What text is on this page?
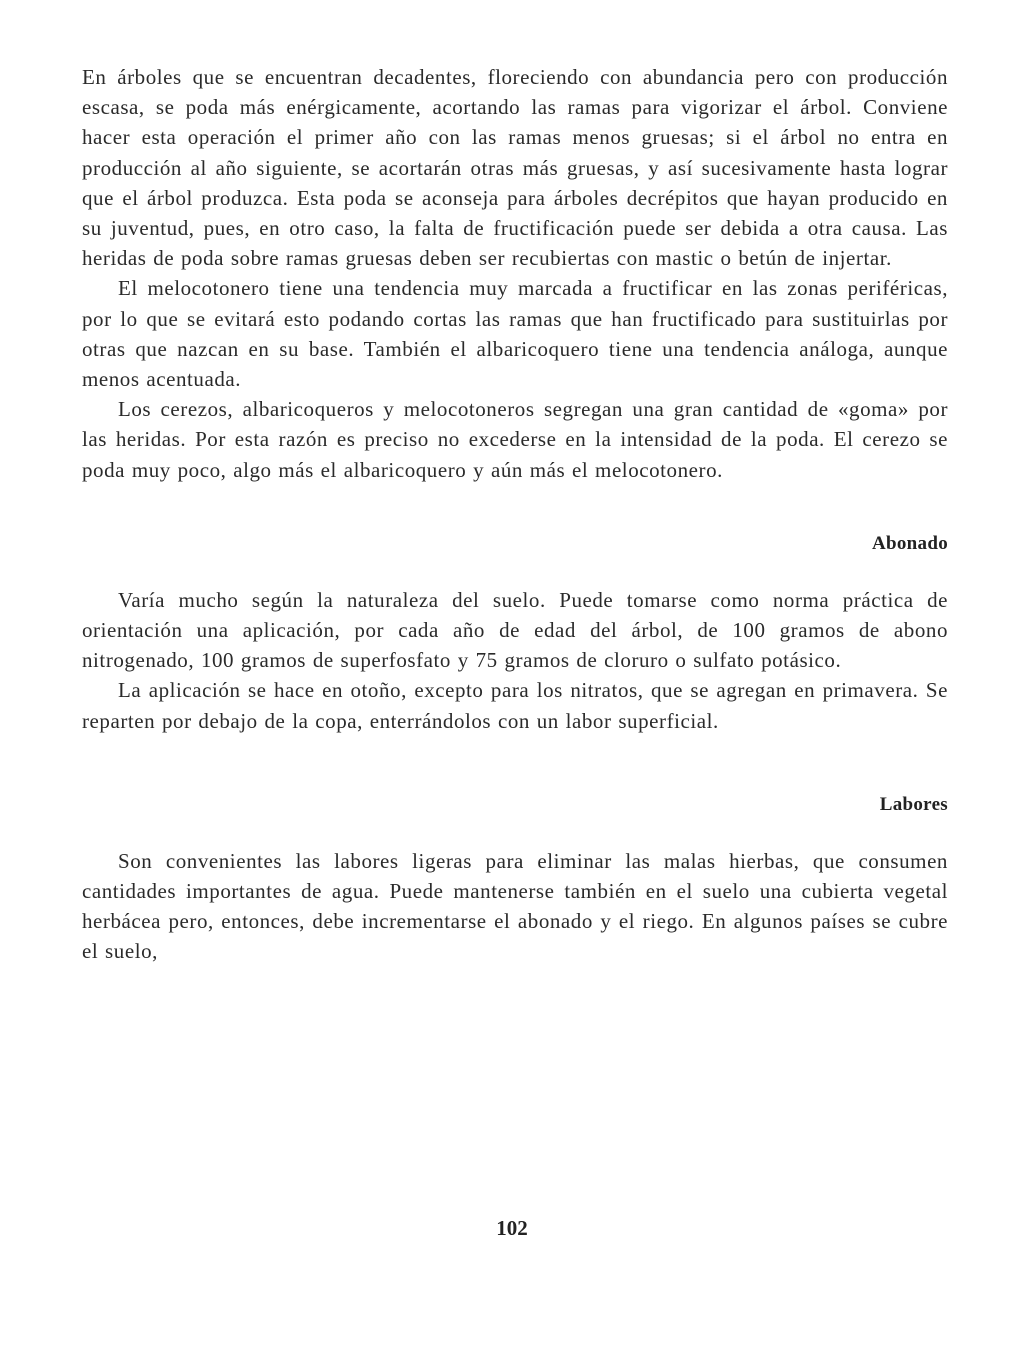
En árboles que se encuentran decadentes, floreciendo con abundancia pero con producción escasa, se poda más enérgicamente, acortando las ramas para vigorizar el árbol. Conviene hacer esta operación el primer año con las ramas menos gruesas; si el árbol no entra en producción al año siguiente, se acortarán otras más gruesas, y así sucesivamente hasta lograr que el árbol produzca. Esta poda se aconseja para árboles decrépitos que hayan producido en su juventud, pues, en otro caso, la falta de fructificación puede ser debida a otra causa. Las heridas de poda sobre ramas gruesas deben ser recubiertas con mastic o betún de injertar.

El melocotonero tiene una tendencia muy marcada a fructificar en las zonas periféricas, por lo que se evitará esto podando cortas las ramas que han fructificado para sustituirlas por otras que nazcan en su base. También el albaricoquero tiene una tendencia análoga, aunque menos acentuada.

Los cerezos, albaricoqueros y melocotoneros segregan una gran cantidad de «goma» por las heridas. Por esta razón es preciso no excederse en la intensidad de la poda. El cerezo se poda muy poco, algo más el albaricoquero y aún más el melocotonero.

Abonado

Varía mucho según la naturaleza del suelo. Puede tomarse como norma práctica de orientación una aplicación, por cada año de edad del árbol, de 100 gramos de abono nitrogenado, 100 gramos de superfosfato y 75 gramos de cloruro o sulfato potásico.

La aplicación se hace en otoño, excepto para los nitratos, que se agregan en primavera. Se reparten por debajo de la copa, enterrándolos con un labor superficial.

Labores

Son convenientes las labores ligeras para eliminar las malas hierbas, que consumen cantidades importantes de agua. Puede mantenerse también en el suelo una cubierta vegetal herbácea pero, entonces, debe incrementarse el abonado y el riego. En algunos países se cubre el suelo,

102
